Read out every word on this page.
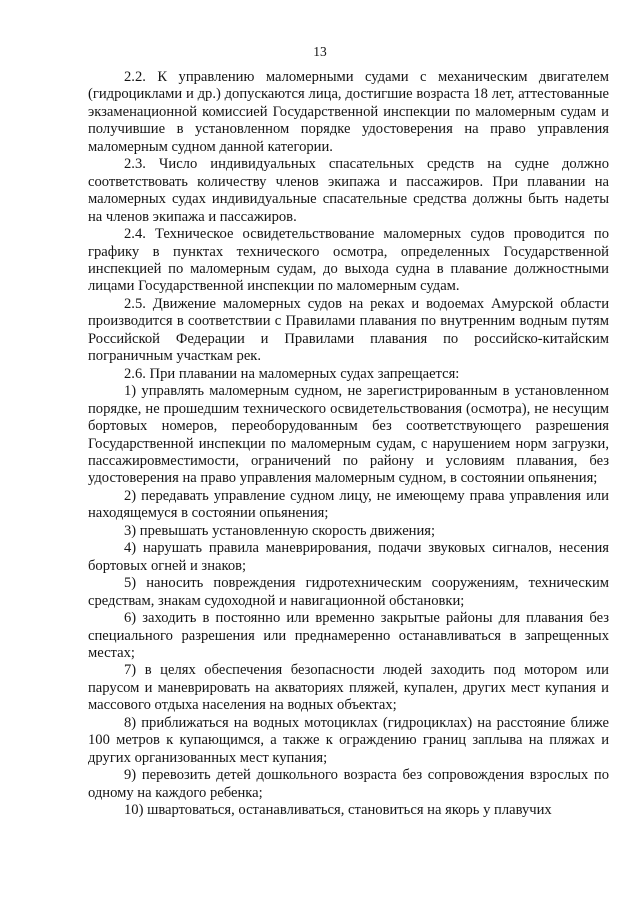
13

2.2. К управлению маломерными судами с механическим двигателем (гидроциклами и др.) допускаются лица, достигшие возраста 18 лет, аттестованные экзаменационной комиссией Государственной инспекции по маломерным судам и получившие в установленном порядке удостоверения на право управления маломерным судном данной категории.

2.3. Число индивидуальных спасательных средств на судне должно соответствовать количеству членов экипажа и пассажиров. При плавании на маломерных судах индивидуальные спасательные средства должны быть надеты на членов экипажа и пассажиров.

2.4. Техническое освидетельствование маломерных судов проводится по графику в пунктах технического осмотра, определенных Государственной инспекцией по маломерным судам, до выхода судна в плавание должностными лицами Государственной инспекции по маломерным судам.

2.5. Движение маломерных судов на реках и водоемах Амурской области производится в соответствии с Правилами плавания по внутренним водным путям Российской Федерации и Правилами плавания по российско-китайским пограничным участкам рек.

2.6. При плавании на маломерных судах запрещается:

1) управлять маломерным судном, не зарегистрированным в установленном порядке, не прошедшим технического освидетельствования (осмотра), не несущим бортовых номеров, переоборудованным без соответствующего разрешения Государственной инспекции по маломерным судам, с нарушением норм загрузки, пассажировместимости, ограничений по району и условиям плавания, без удостоверения на право управления маломерным судном, в состоянии опьянения;

2) передавать управление судном лицу, не имеющему права управления или находящемуся в состоянии опьянения;

3) превышать установленную скорость движения;

4) нарушать правила маневрирования, подачи звуковых сигналов, несения бортовых огней и знаков;

5) наносить повреждения гидротехническим сооружениям, техническим средствам, знакам судоходной и навигационной обстановки;

6) заходить в постоянно или временно закрытые районы для плавания без специального разрешения или преднамеренно останавливаться в запрещенных местах;

7) в целях обеспечения безопасности людей заходить под мотором или парусом и маневрировать на акваториях пляжей, купален, других мест купания и массового отдыха населения на водных объектах;

8) приближаться на водных мотоциклах (гидроциклах) на расстояние ближе 100 метров к купающимся, а также к ограждению границ заплыва на пляжах и других организованных мест купания;

9) перевозить детей дошкольного возраста без сопровождения взрослых по одному на каждого ребенка;

10) швартоваться, останавливаться, становиться на якорь у плавучих
